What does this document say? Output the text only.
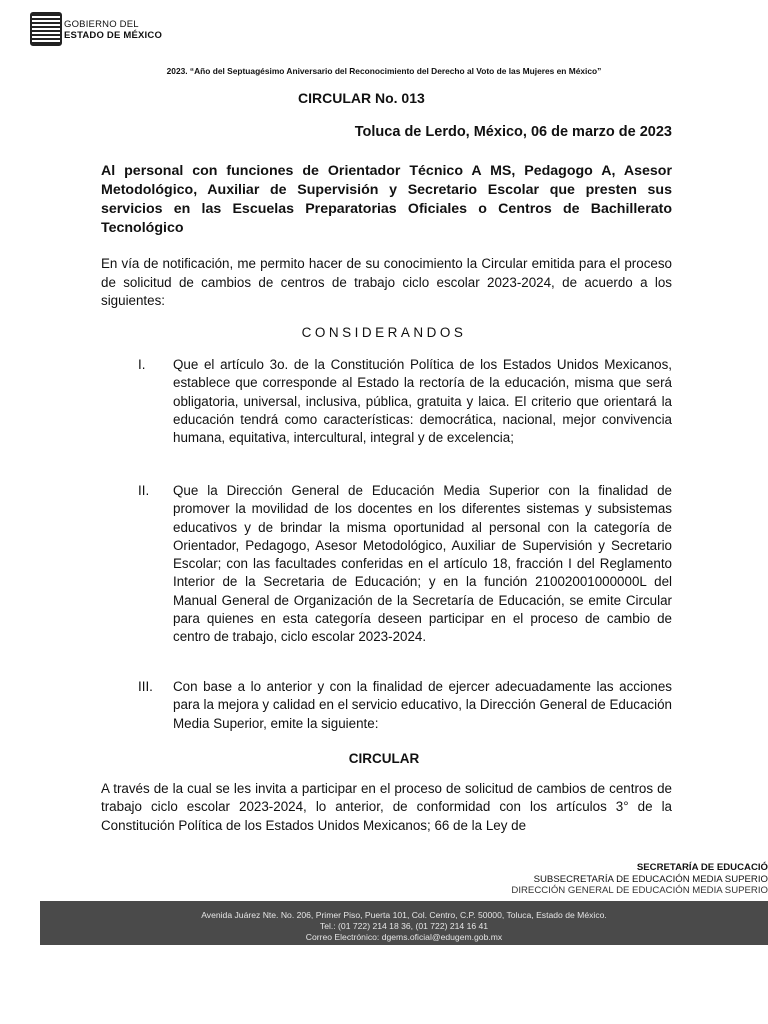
GOBIERNO DEL
ESTADO DE MÉXICO
2023. “Año del Septuagésimo Aniversario del Reconocimiento del Derecho al Voto de las Mujeres en México”
CIRCULAR No. 013
Toluca de Lerdo, México, 06 de marzo de 2023
Al personal con funciones de Orientador Técnico A MS, Pedagogo A, Asesor Metodológico, Auxiliar de Supervisión y Secretario Escolar que presten sus servicios en las Escuelas Preparatorias Oficiales o Centros de Bachillerato Tecnológico
En vía de notificación, me permito hacer de su conocimiento la Circular emitida para el proceso de solicitud de cambios de centros de trabajo ciclo escolar 2023-2024, de acuerdo a los siguientes:
CONSIDERANDOS
I. Que el artículo 3o. de la Constitución Política de los Estados Unidos Mexicanos, establece que corresponde al Estado la rectoría de la educación, misma que será obligatoria, universal, inclusiva, pública, gratuita y laica. El criterio que orientará la educación tendrá como características: democrática, nacional, mejor convivencia humana, equitativa, intercultural, integral y de excelencia;
II. Que la Dirección General de Educación Media Superior con la finalidad de promover la movilidad de los docentes en los diferentes sistemas y subsistemas educativos y de brindar la misma oportunidad al personal con la categoría de Orientador, Pedagogo, Asesor Metodológico, Auxiliar de Supervisión y Secretario Escolar; con las facultades conferidas en el artículo 18, fracción I del Reglamento Interior de la Secretaria de Educación; y en la función 21002001000000L del Manual General de Organización de la Secretaría de Educación, se emite Circular para quienes en esta categoría deseen participar en el proceso de cambio de centro de trabajo, ciclo escolar 2023-2024.
III. Con base a lo anterior y con la finalidad de ejercer adecuadamente las acciones para la mejora y calidad en el servicio educativo, la Dirección General de Educación Media Superior, emite la siguiente:
CIRCULAR
A través de la cual se les invita a participar en el proceso de solicitud de cambios de centros de trabajo ciclo escolar 2023-2024, lo anterior, de conformidad con los artículos 3° de la Constitución Política de los Estados Unidos Mexicanos; 66 de la Ley de
SECRETARÍA DE EDUCACIÓ
SUBSECRETARÍA DE EDUCACIÓN MEDIA SUPERIO
DIRECCIÓN GENERAL DE EDUCACIÓN MEDIA SUPERIO
Avenida Juárez Nte. No. 206, Primer Piso, Puerta 101, Col. Centro, C.P. 50000, Toluca, Estado de México.
Tel.: (01 722) 214 18 36, (01 722) 214 16 41
Correo Electrónico: dgems.oficial@edugem.gob.mx
